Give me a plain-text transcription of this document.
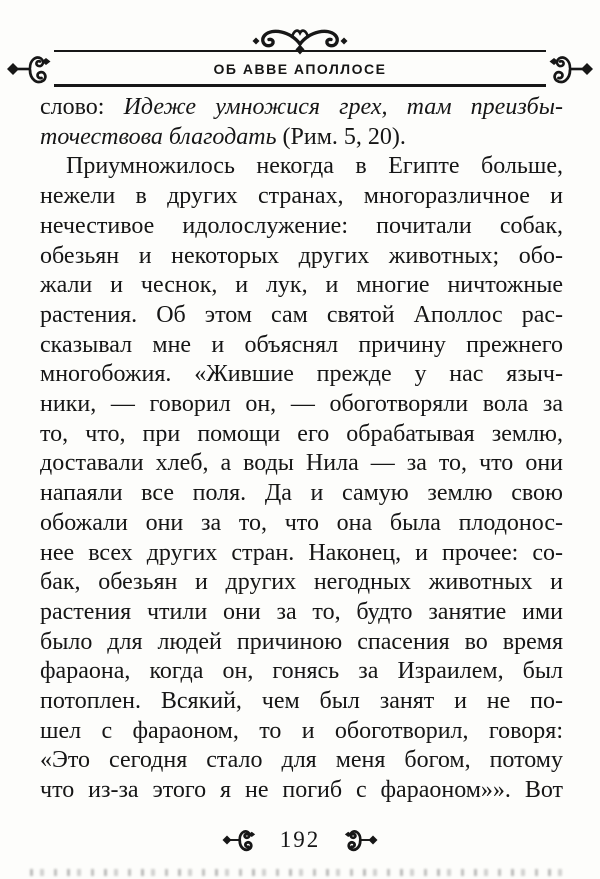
ОБ АВВЕ АПОЛЛОСЕ
слово: Идеже умножися грех, там преизбы-
точествова благодать (Рим. 5, 20).
Приумножилось некогда в Египте больше,
нежели в других странах, многоразличное и
нечестивое идолослужение: почитали собак,
обезьян и некоторых других животных; обо-
жали и чеснок, и лук, и многие ничтожные
растения. Об этом сам святой Аполлос рас-
сказывал мне и объяснял причину прежнего
многобожия. «Жившие прежде у нас языч-
ники, — говорил он, — обоготворяли вола за
то, что, при помощи его обрабатывая землю,
доставали хлеб, а воды Нила — за то, что они
напаяли все поля. Да и самую землю свою
обожали они за то, что она была плодонос-
нее всех других стран. Наконец, и прочее: со-
бак, обезьян и других негодных животных и
растения чтили они за то, будто занятие ими
было для людей причиною спасения во время
фараона, когда он, гонясь за Израилем, был
потоплен. Всякий, чем был занят и не по-
шел с фараоном, то и обоготворил, говоря:
«Это сегодня стало для меня богом, потому
что из-за этого я не погиб с фараоном»». Вот
192
